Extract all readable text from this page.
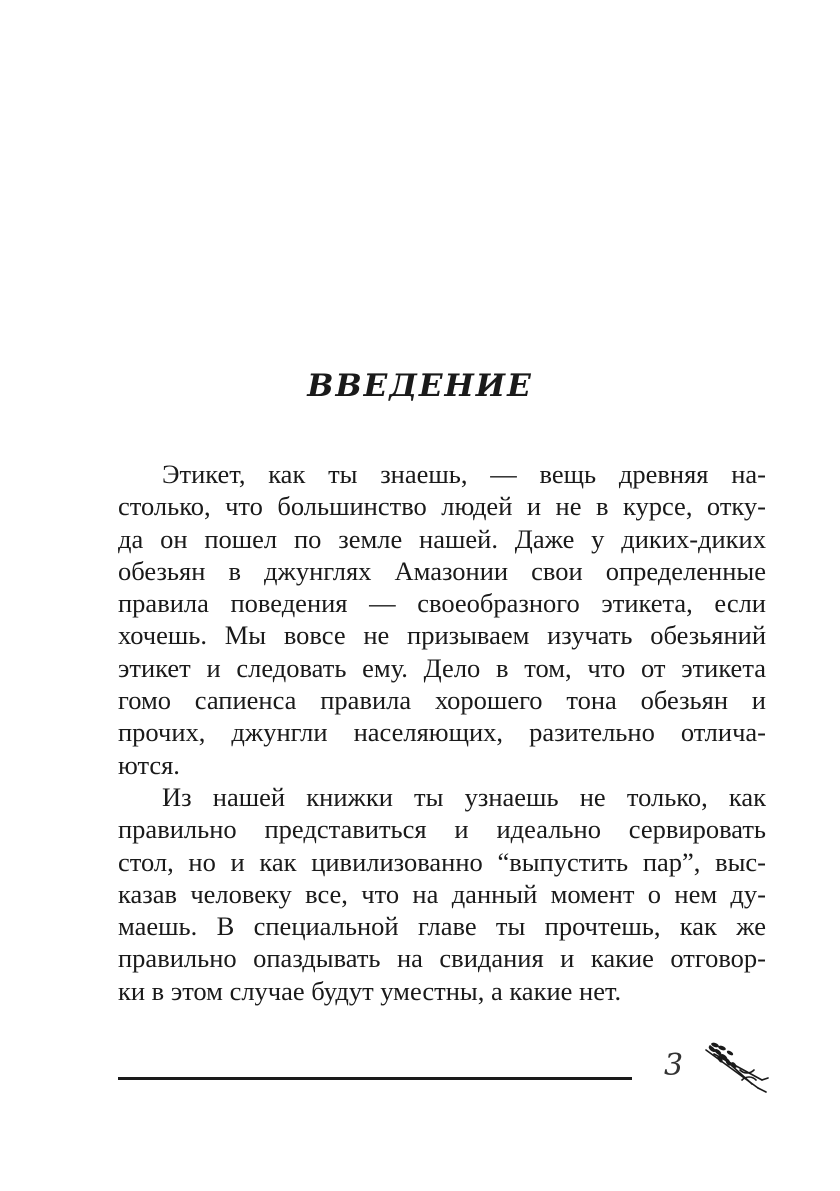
ВВЕДЕНИЕ

Этикет, как ты знаешь, — вещь древняя на-
столько, что большинство людей и не в курсе, отку-
да он пошел по земле нашей. Даже у диких-диких
обезьян в джунглях Амазонии свои определенные
правила поведения — своеобразного этикета, если
хочешь. Мы вовсе не призываем изучать обезьяний
этикет и следовать ему. Дело в том, что от этикета
гомо сапиенса правила хорошего тона обезьян и
прочих, джунгли населяющих, разительно отлича-
ются.

Из нашей книжки ты узнаешь не только, как
правильно представиться и идеально сервировать
стол, но и как цивилизованно “выпустить пар”, выс-
казав человеку все, что на данный момент о нем ду-
маешь. В специальной главе ты прочтешь, как же
правильно опаздывать на свидания и какие отговор-
ки в этом случае будут уместны, а какие нет.

3
